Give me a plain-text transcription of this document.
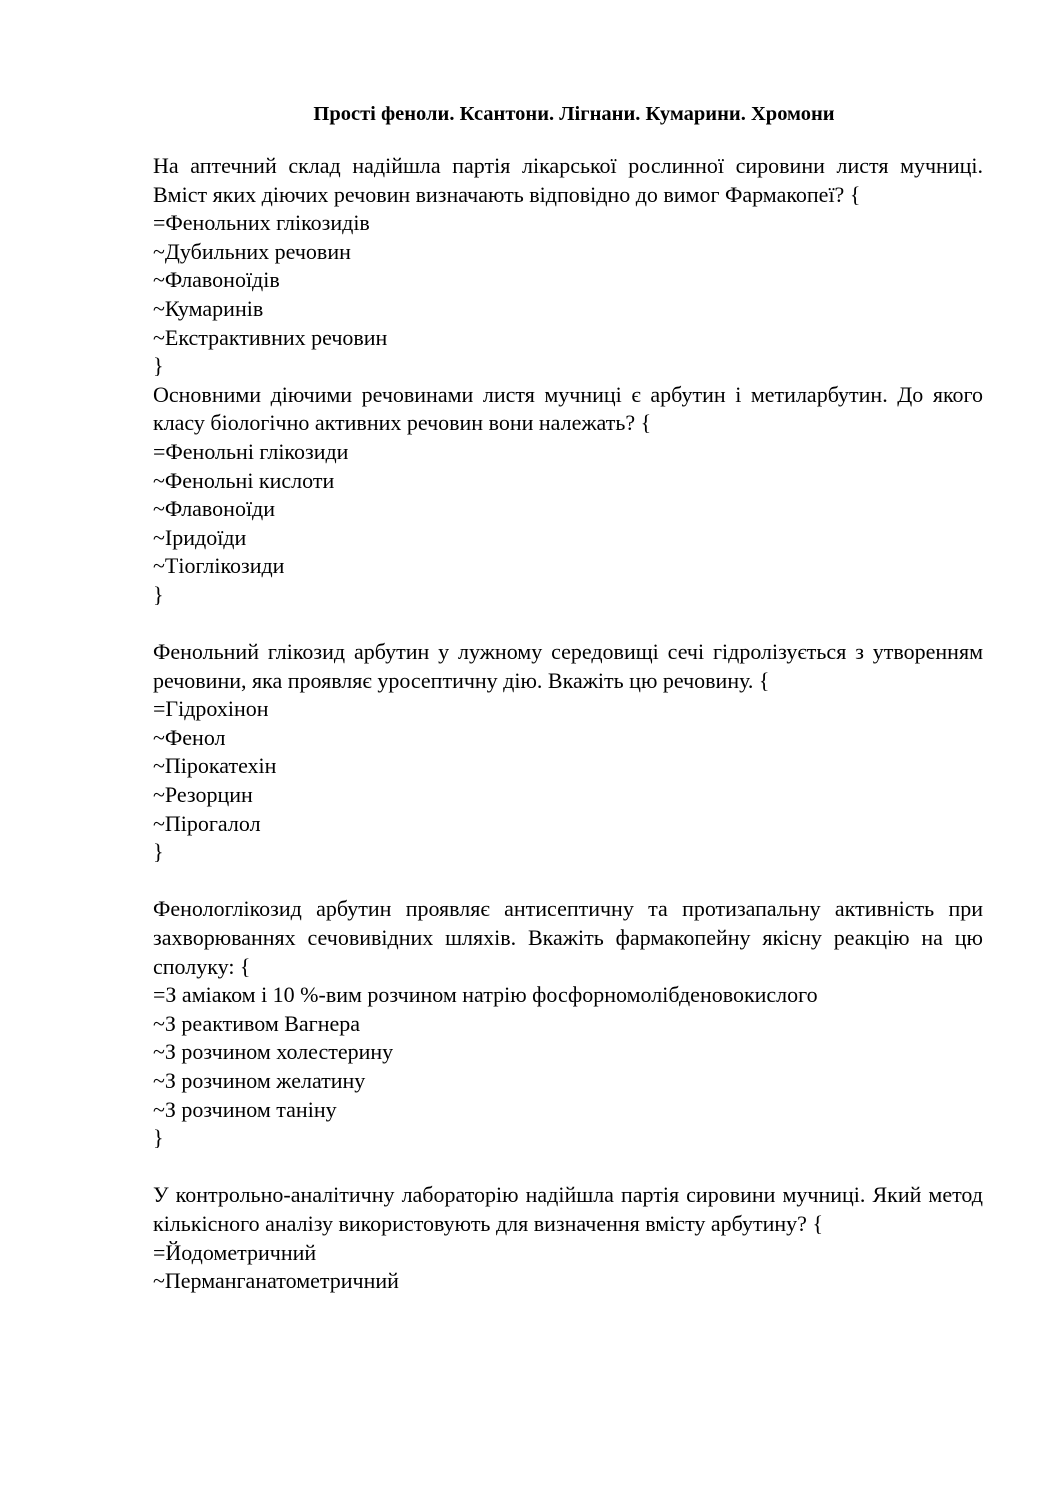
Прості феноли. Ксантони. Лігнани. Кумарини. Хромони

На аптечний склад надійшла партія лікарської рослинної сировини листя мучниці. Вміст яких діючих речовин визначають відповідно до вимог Фармакопеї? {

=Фенольних глікозидів

~Дубильних речовин

~Флавоноїдів

~Кумаринів

~Екстрактивних речовин

}

Основними діючими речовинами листя мучниці є арбутин і метиларбутин. До якого класу біологічно активних речовин вони належать? {

=Фенольні глікозиди

~Фенольні кислоти

~Флавоноїди

~Іридоїди

~Тіоглікозиди

}

Фенольний глікозид арбутин у лужному середовищі сечі гідролізується з утворенням речовини, яка проявляє уросептичну дію. Вкажіть цю речовину. {

=Гідрохінон

~Фенол

~Пірокатехін

~Резорцин

~Пірогалол

}

Фенологлікозид арбутин проявляє антисептичну та протизапальну активність при захворюваннях сечовивідних шляхів. Вкажіть фармакопейну якісну реакцію на цю сполуку: {

=З аміаком і 10 %-вим розчином натрію фосфорномолібденовокислого

~З реактивом Вагнера

~З розчином холестерину

~З розчином желатину

~З розчином таніну

}

У контрольно-аналітичну лабораторію надійшла партія сировини мучниці. Який метод кількісного аналізу використовують для визначення вмісту арбутину? {

=Йодометричний

~Перманганатометричний
